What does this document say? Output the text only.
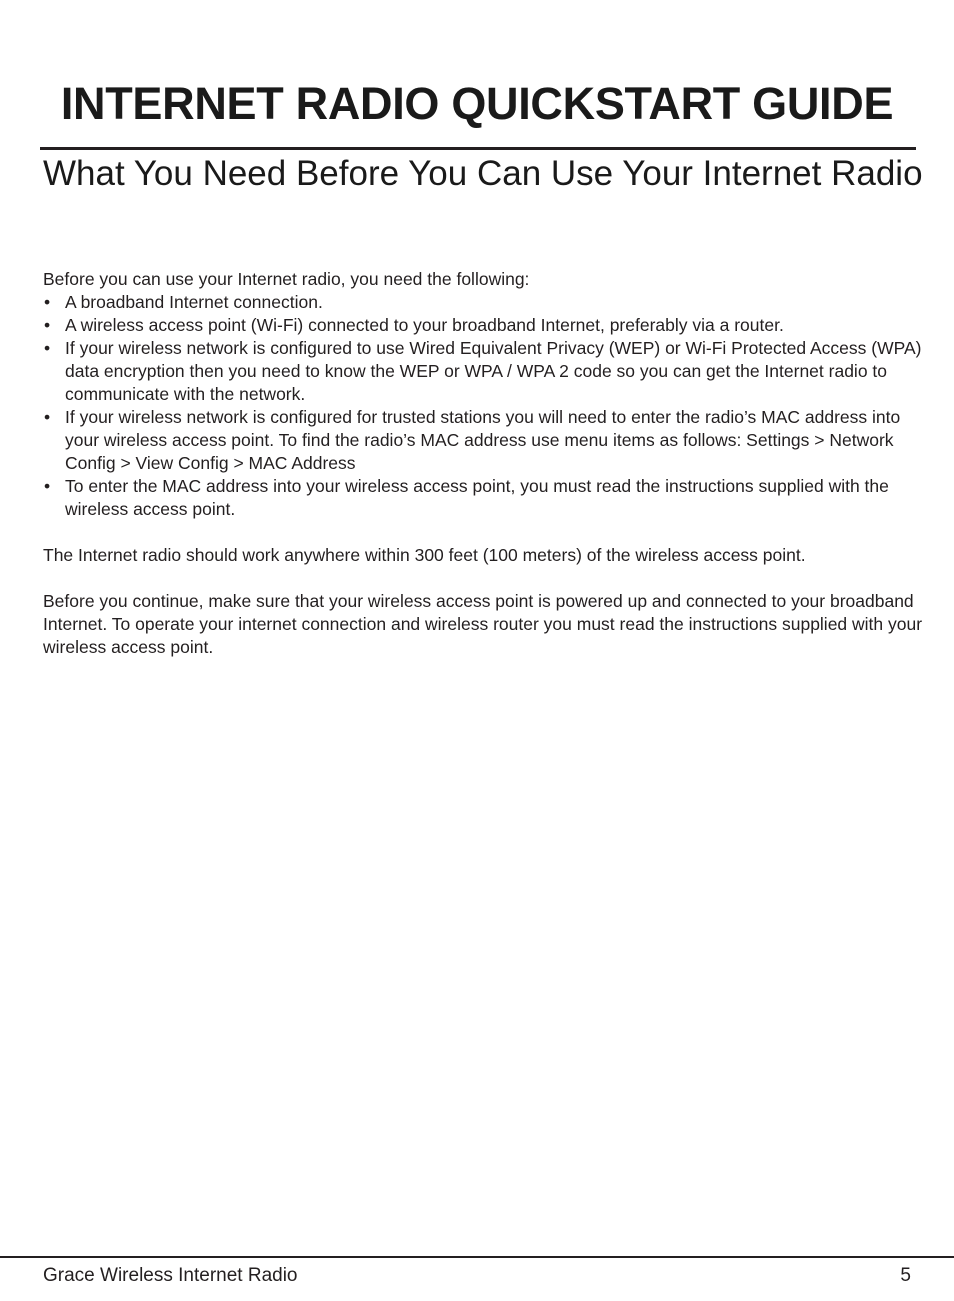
INTERNET RADIO QUICKSTART GUIDE
What You Need Before You Can Use Your Internet Radio

Before you can use your Internet radio, you need the following:

• A broadband Internet connection.
• A wireless access point (Wi-Fi) connected to your broadband Internet, preferably via a router.
• If your wireless network is configured to use Wired Equivalent Privacy (WEP) or Wi-Fi Protected Access (WPA) data encryption then you need to know the WEP or WPA / WPA 2 code so you can get the Internet radio to communicate with the network.
• If your wireless network is configured for trusted stations you will need to enter the radio’s MAC address into your wireless access point. To find the radio’s MAC address use menu items as follows: Settings > Network Config > View Config > MAC Address
• To enter the MAC address into your wireless access point, you must read the instructions supplied with the wireless access point.

The Internet radio should work anywhere within 300 feet (100 meters) of the wireless access point.

Before you continue, make sure that your wireless access point is powered up and connected to your broadband Internet. To operate your internet connection and wireless router you must read the instructions supplied with your wireless access point.

Grace Wireless Internet Radio	5
